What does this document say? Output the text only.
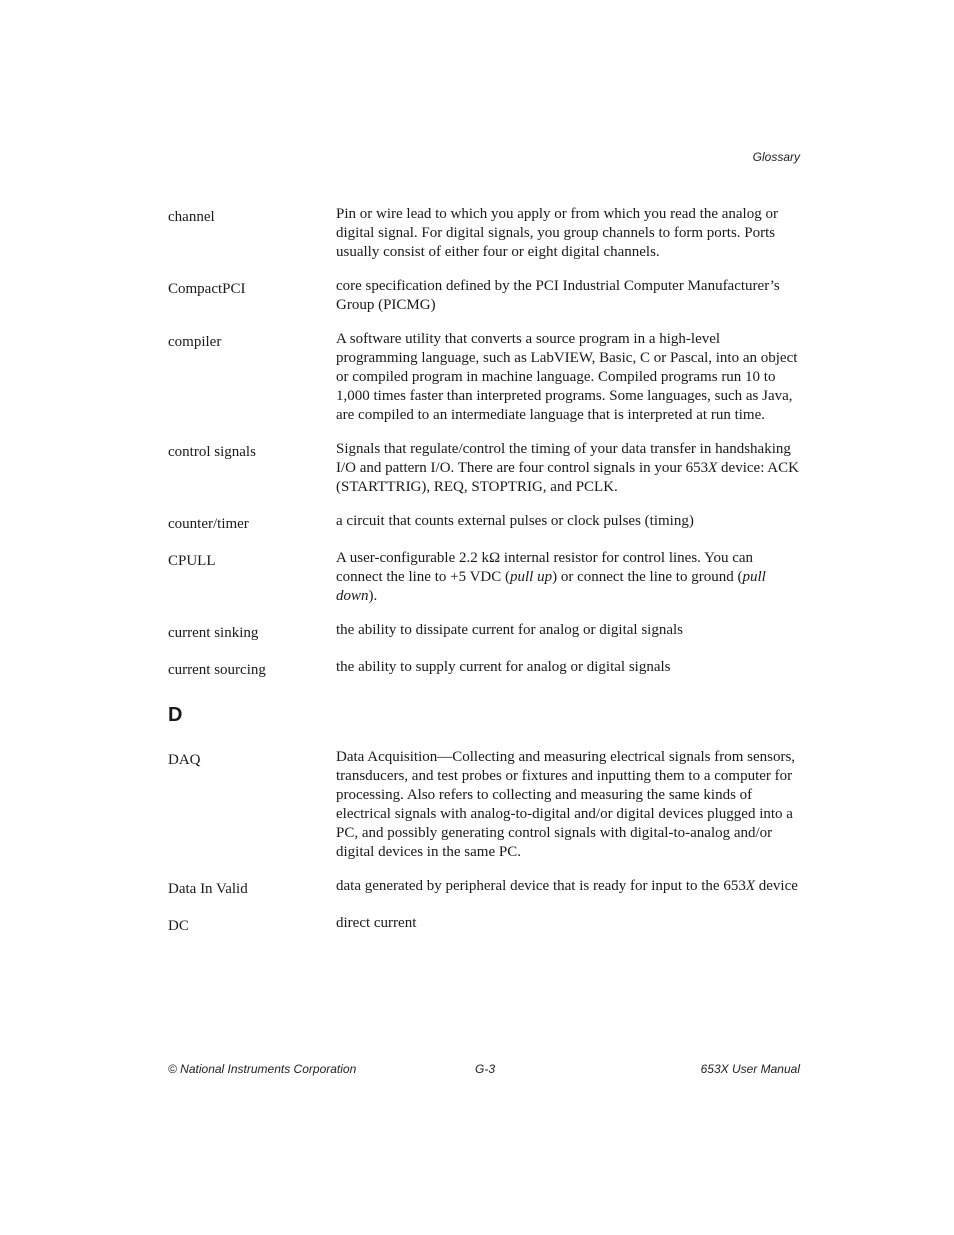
Glossary
channel	Pin or wire lead to which you apply or from which you read the analog or digital signal. For digital signals, you group channels to form ports. Ports usually consist of either four or eight digital channels.
CompactPCI	core specification defined by the PCI Industrial Computer Manufacturer’s Group (PICMG)
compiler	A software utility that converts a source program in a high-level programming language, such as LabVIEW, Basic, C or Pascal, into an object or compiled program in machine language. Compiled programs run 10 to 1,000 times faster than interpreted programs. Some languages, such as Java, are compiled to an intermediate language that is interpreted at run time.
control signals	Signals that regulate/control the timing of your data transfer in handshaking I/O and pattern I/O. There are four control signals in your 653X device: ACK (STARTTRIG), REQ, STOPTRIG, and PCLK.
counter/timer	a circuit that counts external pulses or clock pulses (timing)
CPULL	A user-configurable 2.2 kΩ internal resistor for control lines. You can connect the line to +5 VDC (pull up) or connect the line to ground (pull down).
current sinking	the ability to dissipate current for analog or digital signals
current sourcing	the ability to supply current for analog or digital signals
D
DAQ	Data Acquisition—Collecting and measuring electrical signals from sensors, transducers, and test probes or fixtures and inputting them to a computer for processing. Also refers to collecting and measuring the same kinds of electrical signals with analog-to-digital and/or digital devices plugged into a PC, and possibly generating control signals with digital-to-analog and/or digital devices in the same PC.
Data In Valid	data generated by peripheral device that is ready for input to the 653X device
DC	direct current
© National Instruments Corporation	G-3	653X User Manual
